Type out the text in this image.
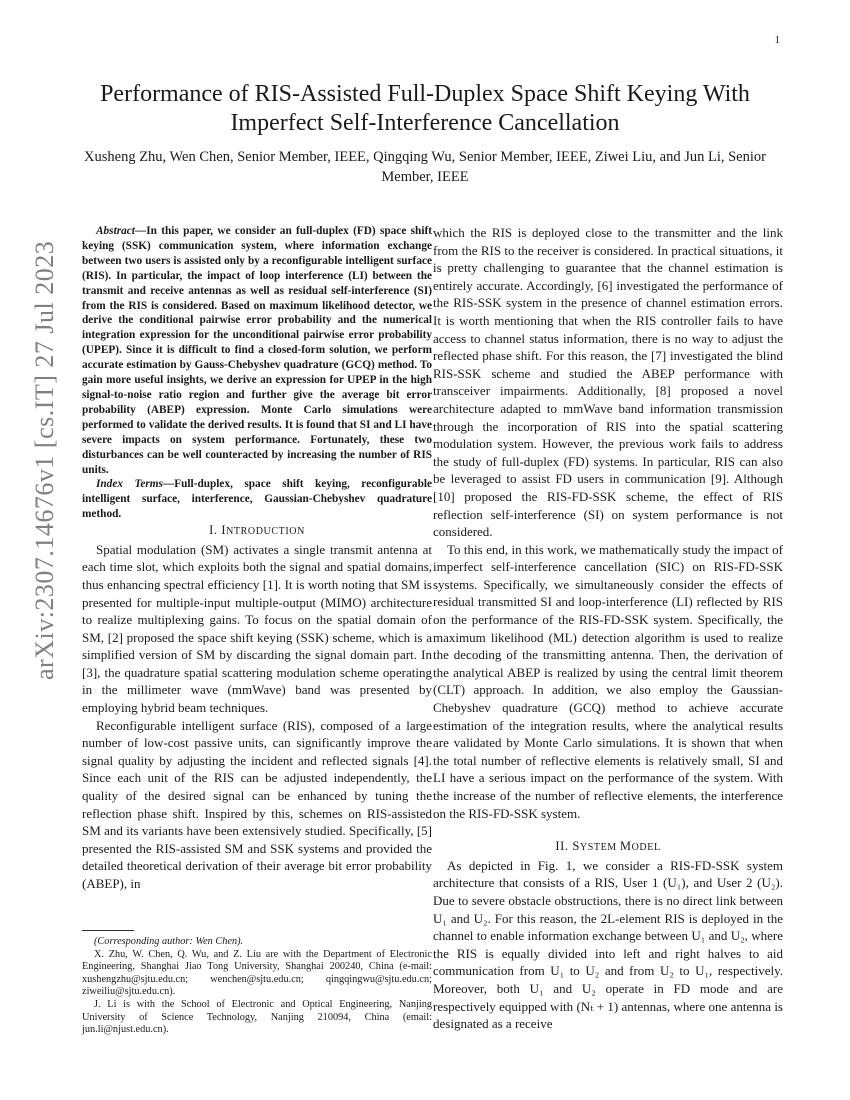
1
arXiv:2307.14676v1 [cs.IT] 27 Jul 2023
Performance of RIS-Assisted Full-Duplex Space Shift Keying With Imperfect Self-Interference Cancellation
Xusheng Zhu, Wen Chen, Senior Member, IEEE, Qingqing Wu, Senior Member, IEEE, Ziwei Liu, and Jun Li, Senior Member, IEEE

Abstract—In this paper, we consider an full-duplex (FD) space shift keying (SSK) communication system, where information exchange between two users is assisted only by a reconfigurable intelligent surface (RIS). In particular, the impact of loop interference (LI) between the transmit and receive antennas as well as residual self-interference (SI) from the RIS is considered. Based on maximum likelihood detector, we derive the conditional pairwise error probability and the numerical integration expression for the unconditional pairwise error probability (UPEP). Since it is difficult to find a closed-form solution, we perform accurate estimation by Gauss-Chebyshev quadrature (GCQ) method. To gain more useful insights, we derive an expression for UPEP in the high signal-to-noise ratio region and further give the average bit error probability (ABEP) expression. Monte Carlo simulations were performed to validate the derived results. It is found that SI and LI have severe impacts on system performance. Fortunately, these two disturbances can be well counteracted by increasing the number of RIS units.

Index Terms—Full-duplex, space shift keying, reconfigurable intelligent surface, interference, Gaussian-Chebyshev quadrature method.

I. INTRODUCTION

Spatial modulation (SM) activates a single transmit antenna at each time slot, which exploits both the signal and spatial domains, thus enhancing spectral efficiency [1]. It is worth noting that SM is presented for multiple-input multiple-output (MIMO) architecture to realize multiplexing gains. To focus on the spatial domain of SM, [2] proposed the space shift keying (SSK) scheme, which is a simplified version of SM by discarding the signal domain part. In [3], the quadrature spatial scattering modulation scheme operating in the millimeter wave (mmWave) band was presented by employing hybrid beam techniques.

Reconfigurable intelligent surface (RIS), composed of a large number of low-cost passive units, can significantly improve the signal quality by adjusting the incident and reflected signals [4]. Since each unit of the RIS can be adjusted independently, the quality of the desired signal can be enhanced by tuning the reflection phase shift. Inspired by this, schemes on RIS-assisted SM and its variants have been extensively studied. Specifically, [5] presented the RIS-assisted SM and SSK systems and provided the detailed theoretical derivation of their average bit error probability (ABEP), in

(Corresponding author: Wen Chen).

X. Zhu, W. Chen, Q. Wu, and Z. Liu are with the Department of Electronic Engineering, Shanghai Jiao Tong University, Shanghai 200240, China (e-mail: xushengzhu@sjtu.edu.cn; wenchen@sjtu.edu.cn; qingqingwu@sjtu.edu.cn; ziweiliu@sjtu.edu.cn).

J. Li is with the School of Electronic and Optical Engineering, Nanjing University of Science Technology, Nanjing 210094, China (email: jun.li@njust.edu.cn).

which the RIS is deployed close to the transmitter and the link from the RIS to the receiver is considered. In practical situations, it is pretty challenging to guarantee that the channel estimation is entirely accurate. Accordingly, [6] investigated the performance of the RIS-SSK system in the presence of channel estimation errors. It is worth mentioning that when the RIS controller fails to have access to channel status information, there is no way to adjust the reflected phase shift. For this reason, the [7] investigated the blind RIS-SSK scheme and studied the ABEP performance with transceiver impairments. Additionally, [8] proposed a novel architecture adapted to mmWave band information transmission through the incorporation of RIS into the spatial scattering modulation system. However, the previous work fails to address the study of full-duplex (FD) systems. In particular, RIS can also be leveraged to assist FD users in communication [9]. Although [10] proposed the RIS-FD-SSK scheme, the effect of RIS reflection self-interference (SI) on system performance is not considered.

To this end, in this work, we mathematically study the impact of imperfect self-interference cancellation (SIC) on RIS-FD-SSK systems. Specifically, we simultaneously consider the effects of residual transmitted SI and loop-interference (LI) reflected by RIS on the performance of the RIS-FD-SSK system. Specifically, the maximum likelihood (ML) detection algorithm is used to realize the decoding of the transmitting antenna. Then, the derivation of the analytical ABEP is realized by using the central limit theorem (CLT) approach. In addition, we also employ the Gaussian-Chebyshev quadrature (GCQ) method to achieve accurate estimation of the integration results, where the analytical results are validated by Monte Carlo simulations. It is shown that when the total number of reflective elements is relatively small, SI and LI have a serious impact on the performance of the system. With the increase of the number of reflective elements, the interference on the RIS-FD-SSK system.

II. SYSTEM MODEL

As depicted in Fig. 1, we consider a RIS-FD-SSK system architecture that consists of a RIS, User 1 (U₁), and User 2 (U₂). Due to severe obstacle obstructions, there is no direct link between U₁ and U₂. For this reason, the 2L-element RIS is deployed in the channel to enable information exchange between U₁ and U₂, where the RIS is equally divided into left and right halves to aid communication from U₁ to U₂ and from U₂ to U₁, respectively. Moreover, both U₁ and U₂ operate in FD mode and are respectively equipped with (Nₜ + 1) antennas, where one antenna is designated as a receive
